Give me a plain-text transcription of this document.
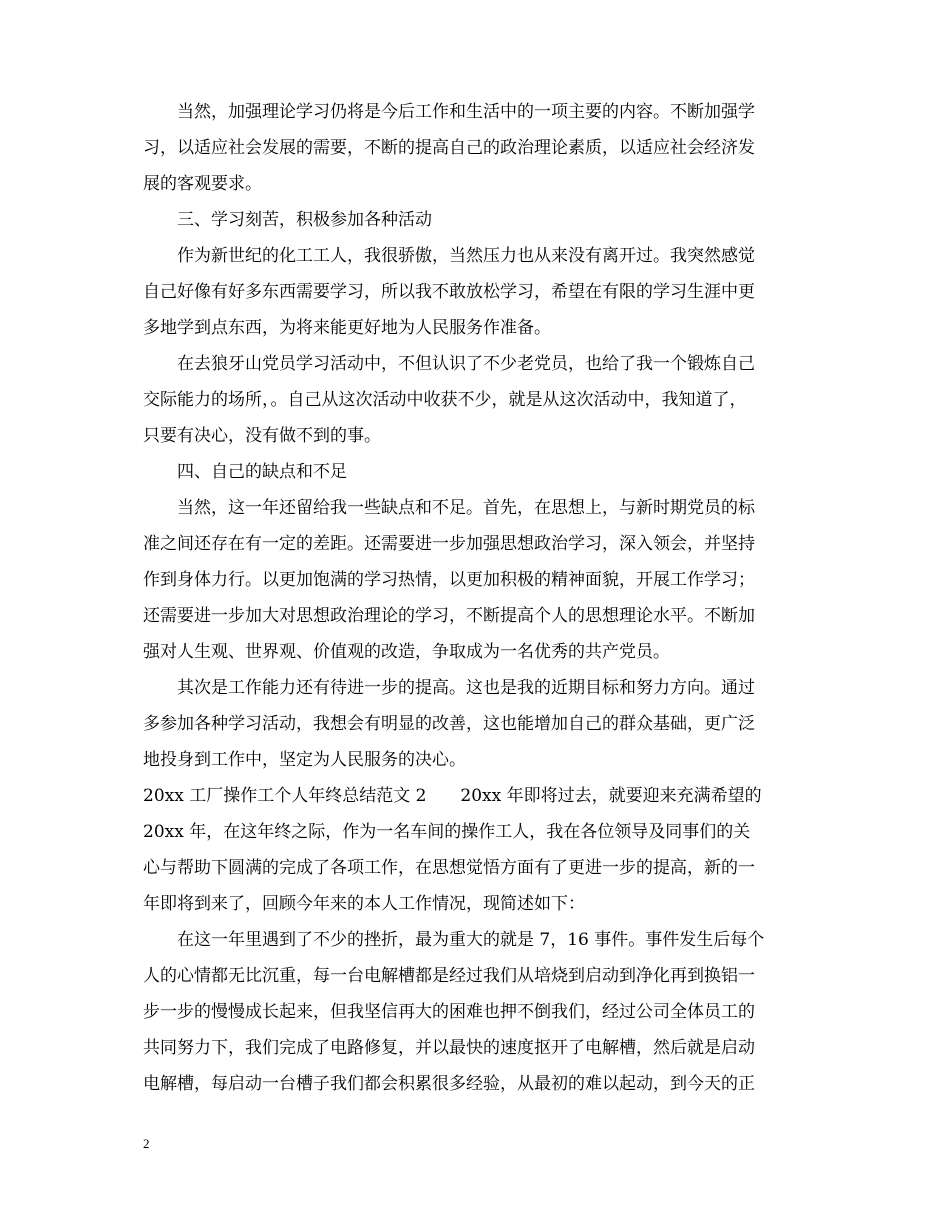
当然，加强理论学习仍将是今后工作和生活中的一项主要的内容。不断加强学
习，以适应社会发展的需要，不断的提高自己的政治理论素质，以适应社会经济发
展的客观要求。
三、学习刻苦，积极参加各种活动
作为新世纪的化工工人，我很骄傲，当然压力也从来没有离开过。我突然感觉
自己好像有好多东西需要学习，所以我不敢放松学习，希望在有限的学习生涯中更
多地学到点东西，为将来能更好地为人民服务作准备。
在去狼牙山党员学习活动中，不但认识了不少老党员，也给了我一个锻炼自己
交际能力的场所，。自己从这次活动中收获不少，就是从这次活动中，我知道了，
只要有决心，没有做不到的事。
四、自己的缺点和不足
当然，这一年还留给我一些缺点和不足。首先，在思想上，与新时期党员的标
准之间还存在有一定的差距。还需要进一步加强思想政治学习，深入领会，并坚持
作到身体力行。以更加饱满的学习热情，以更加积极的精神面貌，开展工作学习；
还需要进一步加大对思想政治理论的学习，不断提高个人的思想理论水平。不断加
强对人生观、世界观、价值观的改造，争取成为一名优秀的共产党员。
其次是工作能力还有待进一步的提高。这也是我的近期目标和努力方向。通过
多参加各种学习活动，我想会有明显的改善，这也能增加自己的群众基础，更广泛
地投身到工作中，坚定为人民服务的决心。
20xx 工厂操作工个人年终总结范文 2　　20xx 年即将过去，就要迎来充满希望的
20xx 年，在这年终之际，作为一名车间的操作工人，我在各位领导及同事们的关
心与帮助下圆满的完成了各项工作，在思想觉悟方面有了更进一步的提高，新的一
年即将到来了，回顾今年来的本人工作情况，现简述如下：
在这一年里遇到了不少的挫折，最为重大的就是 7，16 事件。事件发生后每个
人的心情都无比沉重，每一台电解槽都是经过我们从培烧到启动到净化再到换铝一
步一步的慢慢成长起来，但我坚信再大的困难也押不倒我们，经过公司全体员工的
共同努力下，我们完成了电路修复，并以最快的速度抠开了电解槽，然后就是启动
电解槽，每启动一台槽子我们都会积累很多经验，从最初的难以起动，到今天的正
2
